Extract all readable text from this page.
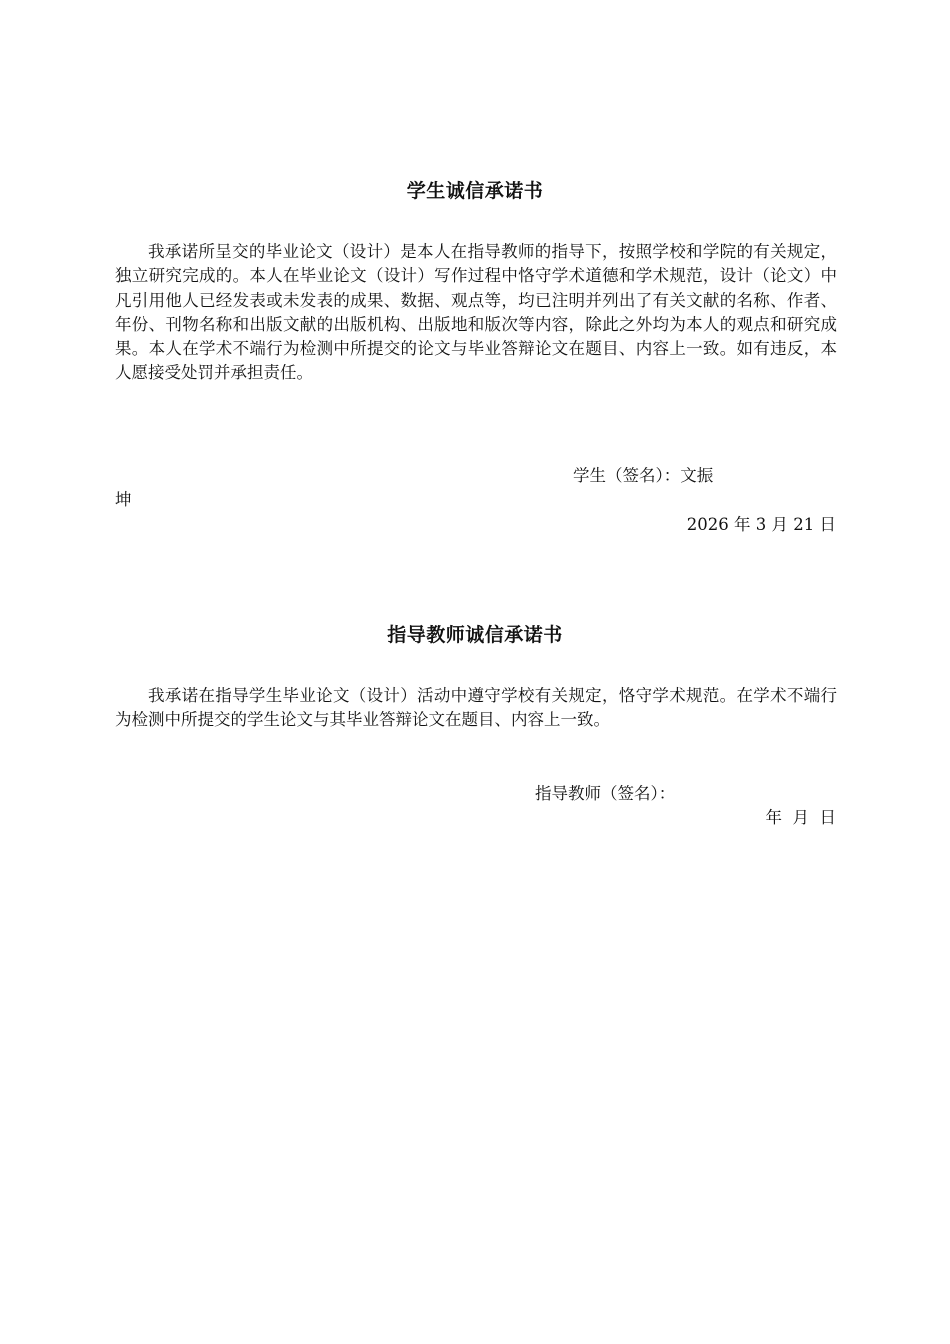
学生诚信承诺书

我承诺所呈交的毕业论文（设计）是本人在指导教师的指导下，按照学校和学院的有关规定，独立研究完成的。本人在毕业论文（设计）写作过程中恪守学术道德和学术规范，设计（论文）中凡引用他人已经发表或未发表的成果、数据、观点等，均已注明并列出了有关文献的名称、作者、年份、刊物名称和出版文献的出版机构、出版地和版次等内容，除此之外均为本人的观点和研究成果。本人在学术不端行为检测中所提交的论文与毕业答辩论文在题目、内容上一致。如有违反，本人愿接受处罚并承担责任。

学生（签名）：文振
坤
2026 年 3 月 21 日
指导教师诚信承诺书

我承诺在指导学生毕业论文（设计）活动中遵守学校有关规定，恪守学术规范。在学术不端行为检测中所提交的学生论文与其毕业答辩论文在题目、内容上一致。

指导教师（签名）：
年  月  日
